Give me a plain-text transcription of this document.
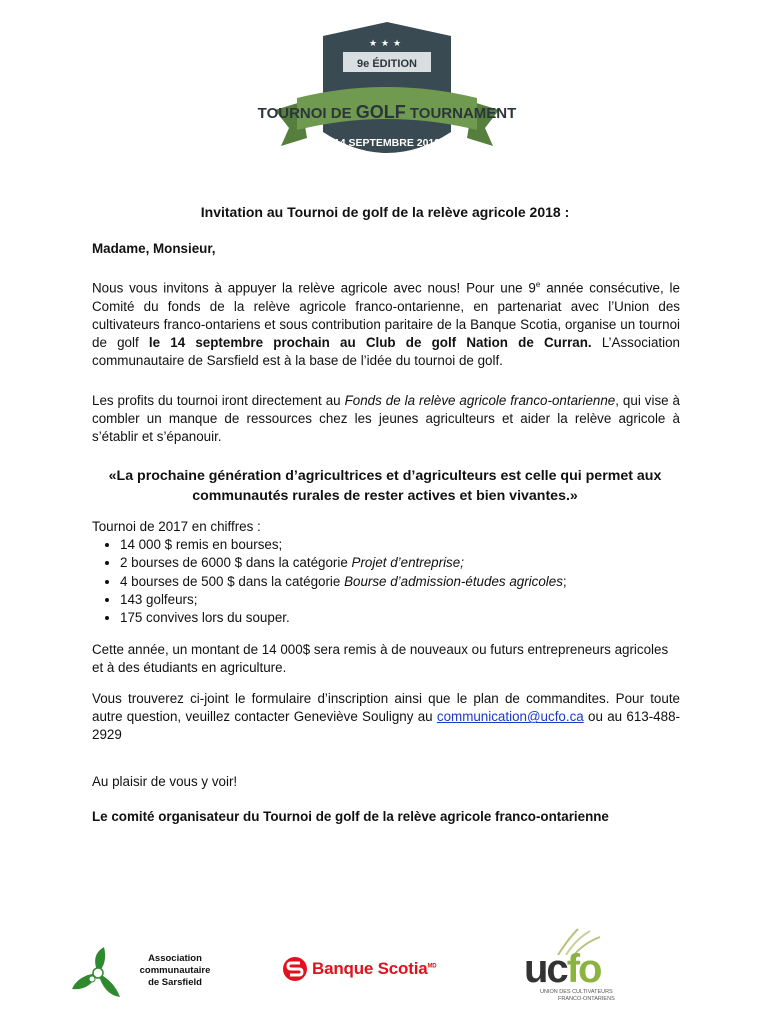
★ ★ ★
9e ÉDITION
TOURNOI DE GOLF TOURNAMENT
14 SEPTEMBRE 2018
Invitation au Tournoi de golf de la relève agricole 2018 :
Madame, Monsieur,
Nous vous invitons à appuyer la relève agricole avec nous! Pour une 9e année consécutive, le Comité du fonds de la relève agricole franco-ontarienne, en partenariat avec l’Union des cultivateurs franco-ontariens et sous contribution paritaire de la Banque Scotia, organise un tournoi de golf le 14 septembre prochain au Club de golf Nation de Curran. L’Association communautaire de Sarsfield est à la base de l’idée du tournoi de golf.
Les profits du tournoi iront directement au Fonds de la relève agricole franco-ontarienne, qui vise à combler un manque de ressources chez les jeunes agriculteurs et aider la relève agricole à s’établir et s’épanouir.
«La prochaine génération d’agricultrices et d’agriculteurs est celle qui permet aux communautés rurales de rester actives et bien vivantes.»
Tournoi de 2017 en chiffres :
• 14 000 $ remis en bourses;
• 2 bourses de 6000 $ dans la catégorie Projet d’entreprise;
• 4 bourses de 500 $ dans la catégorie Bourse d’admission-études agricoles;
• 143 golfeurs;
• 175 convives lors du souper.
Cette année, un montant de 14 000$ sera remis à de nouveaux ou futurs entrepreneurs agricoles et à des étudiants en agriculture.
Vous trouverez ci-joint le formulaire d’inscription ainsi que le plan de commandites. Pour toute autre question, veuillez contacter Geneviève Souligny au communication@ucfo.ca ou au 613-488-2929
Au plaisir de vous y voir!
Le comité organisateur du Tournoi de golf de la relève agricole franco-ontarienne
Association
communautaire
de Sarsfield
Banque Scotia$^{MD}$ ucfo
UNION DES CULTIVATEURS
FRANCO-ONTARIENS
